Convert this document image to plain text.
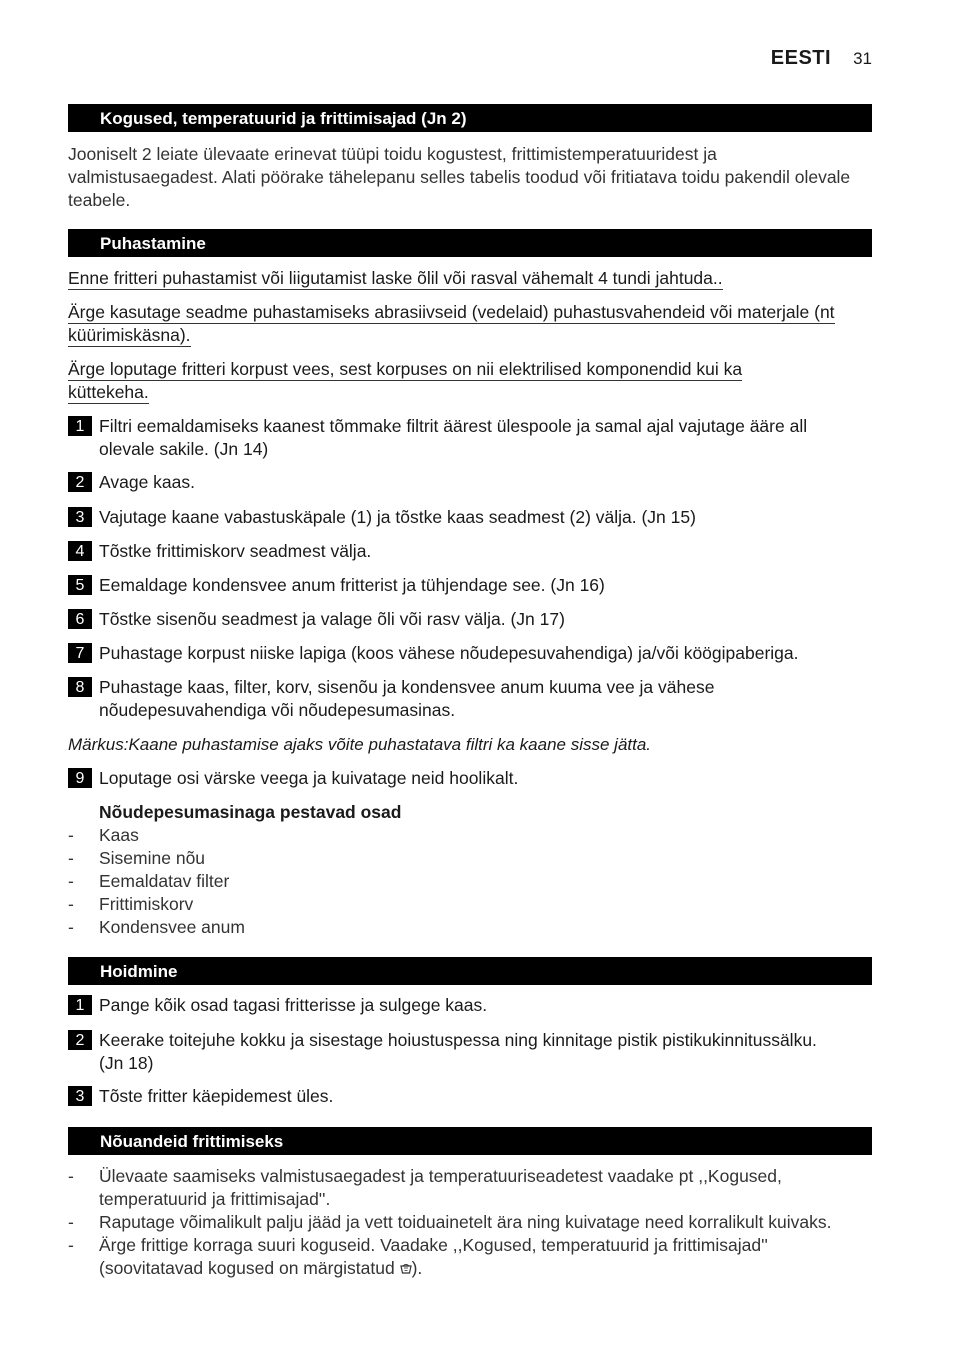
EESTI 31
Kogused, temperatuurid ja frittimisajad (Jn 2)
Jooniselt 2 leiate ülevaate erinevat tüüpi toidu kogustest, frittimistemperatuuridest ja
valmistusaegadest. Alati pöörake tähelepanu selles tabelis toodud või fritiatava toidu pakendil olevale
teabele.
Puhastamine
Enne fritteri puhastamist või liigutamist laske õlil või rasval vähemalt 4 tundi jahtuda..
Ärge kasutage seadme puhastamiseks abrasiivseid (vedelaid) puhastusvahendeid või materjale (nt
küürimiskäsna).
Ärge loputage fritteri korpust vees, sest korpuses on nii elektrilised komponendid kui ka
küttekeha.
1 Filtri eemaldamiseks kaanest tõmmake filtrit äärest ülespoole ja samal ajal vajutage ääre all
olevale sakile. (Jn 14)
2 Avage kaas.
3 Vajutage kaane vabastuskäpale (1) ja tõstke kaas seadmest (2) välja. (Jn 15)
4 Tõstke frittimiskorv seadmest välja.
5 Eemaldage kondensvee anum fritterist ja tühjendage see. (Jn 16)
6 Tõstke sisenõu seadmest ja valage õli või rasv välja. (Jn 17)
7 Puhastage korpust niiske lapiga (koos vähese nõudepesuvahendiga) ja/või köögipaberiga.
8 Puhastage kaas, filter, korv, sisenõu ja kondensvee anum kuuma vee ja vähese
nõudepesuvahendiga või nõudepesumasinas.
Märkus:Kaane puhastamise ajaks võite puhastatava filtri ka kaane sisse jätta.
9 Loputage osi värske veega ja kuivatage neid hoolikalt.
Nõudepesumasinaga pestavad osad
- Kaas
- Sisemine nõu
- Eemaldatav filter
- Frittimiskorv
- Kondensvee anum
Hoidmine
1 Pange kõik osad tagasi fritterisse ja sulgege kaas.
2 Keerake toitejuhe kokku ja sisestage hoiustuspessa ning kinnitage pistik pistikukinnitussälku.
(Jn 18)
3 Tõste fritter käepidemest üles.
Nõuandeid frittimiseks
- Ülevaate saamiseks valmistusaegadest ja temperatuuriseadetest vaadake pt ,,Kogused,
temperatuurid ja frittimisajad''.
- Raputage võimalikult palju jääd ja vett toiduainetelt ära ning kuivatage need korralikult kuivaks.
- Ärge frittige korraga suuri koguseid. Vaadake ,,Kogused, temperatuurid ja frittimisajad''
(soovitatavad kogused on märgistatud ).
